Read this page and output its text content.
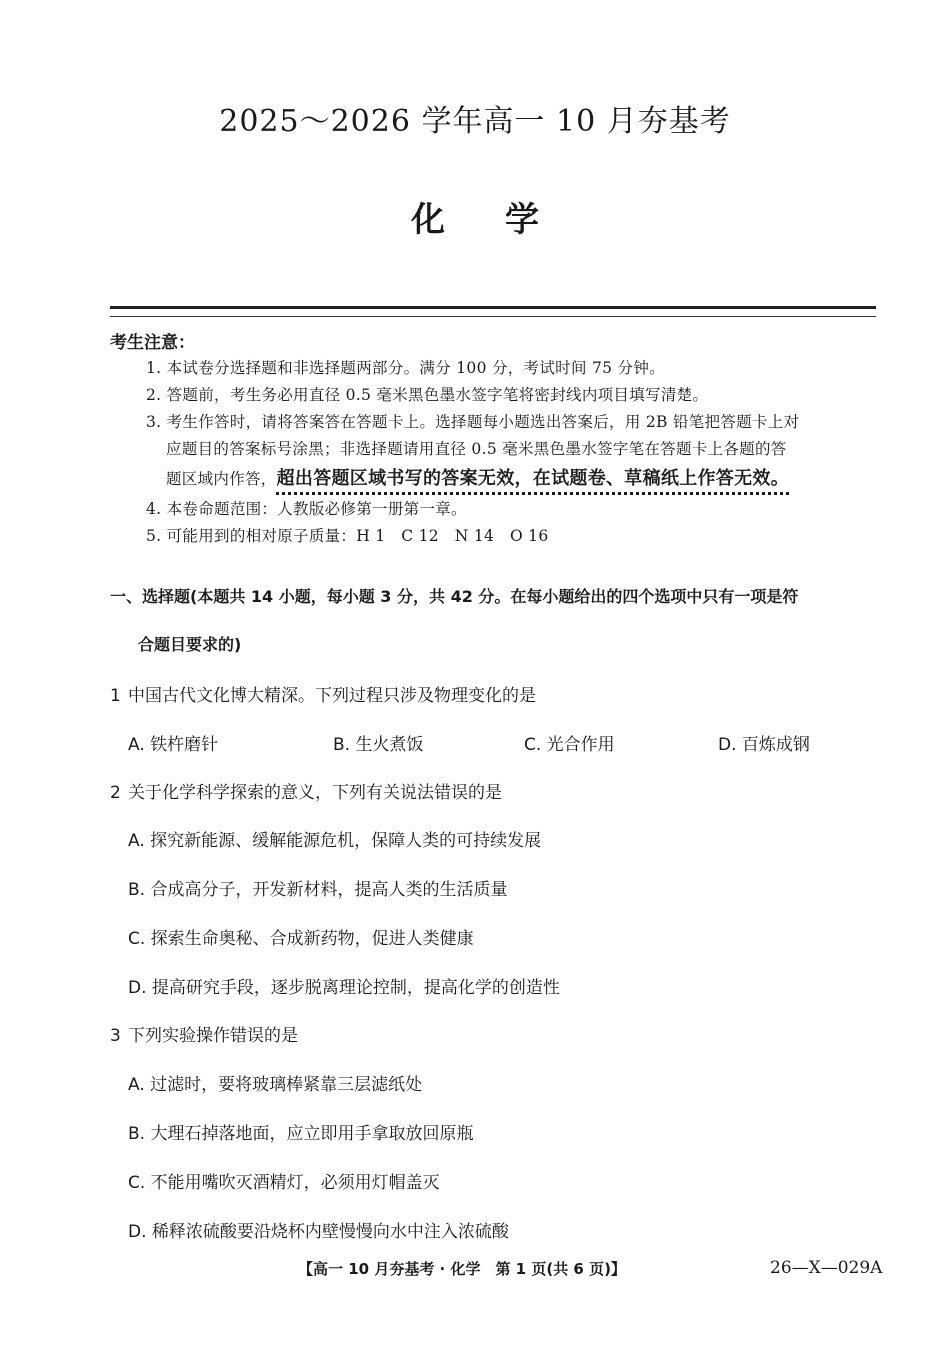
2025～2026 学年高一 10 月夯基考
化学
考生注意：
1. 本试卷分选择题和非选择题两部分。满分 100 分，考试时间 75 分钟。
2. 答题前，考生务必用直径 0.5 毫米黑色墨水签字笔将密封线内项目填写清楚。
3. 考生作答时，请将答案答在答题卡上。选择题每小题选出答案后，用 2B 铅笔把答题卡上对
应题目的答案标号涂黑；非选择题请用直径 0.5 毫米黑色墨水签字笔在答题卡上各题的答
题区域内作答，超出答题区域书写的答案无效，在试题卷、草稿纸上作答无效。
4. 本卷命题范围：人教版必修第一册第一章。
5. 可能用到的相对原子质量：H 1　C 12　N 14　O 16
一、选择题(本题共 14 小题，每小题 3 分，共 42 分。在每小题给出的四个选项中只有一项是符
合题目要求的)
1 中国古代文化博大精深。下列过程只涉及物理变化的是
A. 铁杵磨针	B. 生火煮饭	C. 光合作用	D. 百炼成钢
2 关于化学科学探索的意义，下列有关说法错误的是
A. 探究新能源、缓解能源危机，保障人类的可持续发展
B. 合成高分子，开发新材料，提高人类的生活质量
C. 探索生命奥秘、合成新药物，促进人类健康
D. 提高研究手段，逐步脱离理论控制，提高化学的创造性
3 下列实验操作错误的是
A. 过滤时，要将玻璃棒紧靠三层滤纸处
B. 大理石掉落地面，应立即用手拿取放回原瓶
C. 不能用嘴吹灭酒精灯，必须用灯帽盖灭
D. 稀释浓硫酸要沿烧杯内壁慢慢向水中注入浓硫酸
【高一 10 月夯基考 · 化学　第 1 页(共 6 页)】	26—X—029A
